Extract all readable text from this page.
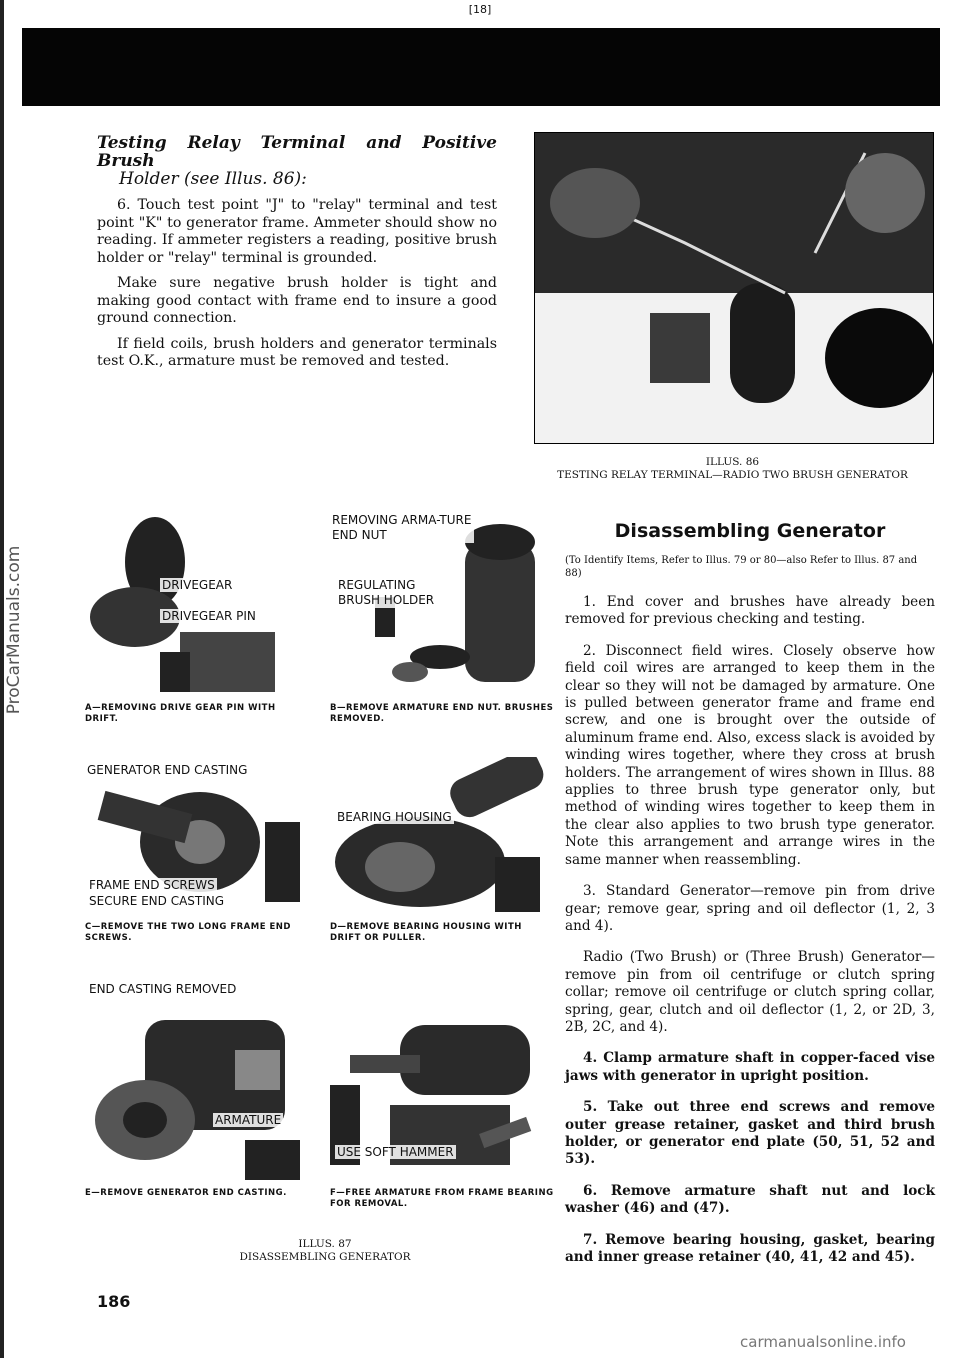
[18]
ProCarManuals.com
Testing Relay Terminal and Positive Brush
Holder (see Illus. 86):

6. Touch test point "J" to "relay" terminal and test point "K" to generator frame. Ammeter should show no reading. If ammeter registers a reading, positive brush holder or "relay" terminal is grounded.

Make sure negative brush holder is tight and making good contact with frame end to insure a good ground connection.

If field coils, brush holders and generator terminals test O.K., armature must be removed and tested.

ILLUS. 86
TESTING RELAY TERMINAL—RADIO TWO BRUSH GENERATOR
DRIVEGEAR
DRIVEGEAR PIN
A—REMOVING DRIVE GEAR PIN WITH DRIFT.
REMOVING ARMA-TURE END NUT
REGULATING BRUSH HOLDER
B—REMOVE ARMATURE END NUT. BRUSHES REMOVED.
GENERATOR END CASTING
FRAME END SCREWS
SECURE END CASTING
C—REMOVE THE TWO LONG FRAME END SCREWS.
BEARING HOUSING
D—REMOVE BEARING HOUSING WITH DRIFT OR PULLER.
END CASTING REMOVED
ARMATURE
E—REMOVE GENERATOR END CASTING.
USE SOFT HAMMER
F—FREE ARMATURE FROM FRAME BEARING FOR REMOVAL.
ILLUS. 87
DISASSEMBLING GENERATOR
Disassembling Generator
(To Identify Items, Refer to Illus. 79 or 80—also Refer to Illus. 87 and 88)

1. End cover and brushes have already been removed for previous checking and testing.

2. Disconnect field wires. Closely observe how field coil wires are arranged to keep them in the clear so they will not be damaged by armature. One is pulled between generator frame and frame end screw, and one is brought over the outside of aluminum frame end. Also, excess slack is avoided by winding wires together, where they cross at brush holders. The arrangement of wires shown in Illus. 88 applies to three brush type generator only, but method of winding wires together to keep them in the clear also applies to two brush type generator. Note this arrangement and arrange wires in the same manner when reassembling.

3. Standard Generator—remove pin from drive gear; remove gear, spring and oil deflector (1, 2, 3 and 4).

Radio (Two Brush) or (Three Brush) Generator—remove pin from oil centrifuge or clutch spring collar; remove oil centrifuge or clutch spring collar, spring, gear, clutch and oil deflector (1, 2, or 2D, 3, 2B, 2C, and 4).

4. Clamp armature shaft in copper-faced vise jaws with generator in upright position.

5. Take out three end screws and remove outer grease retainer, gasket and third brush holder, or generator end plate (50, 51, 52 and 53).

6. Remove armature shaft nut and lock washer (46) and (47).

7. Remove bearing housing, gasket, bearing and inner grease retainer (40, 41, 42 and 45).

186
carmanualsonline.info
